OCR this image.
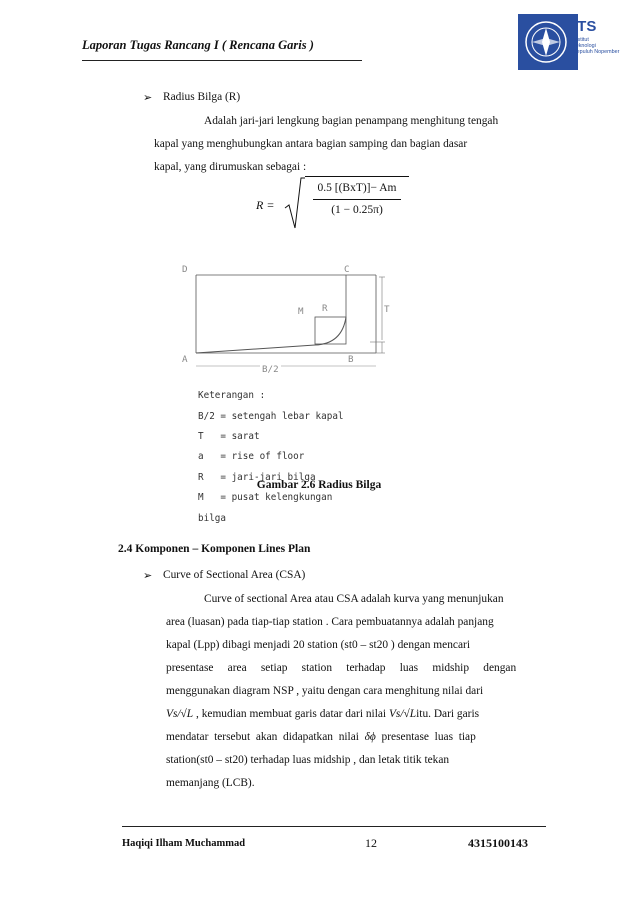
Laporan Tugas Rancang I ( Rencana Garis )
ITS
Institut
Teknologi
Sepuluh Nopember
➢ Radius Bilga (R)
Adalah jari-jari lengkung bagian penampang menghitung tengah
kapal yang menghubungkan antara bagian samping dan bagian dasar
kapal, yang dirumuskan sebagai :
R =
0.5 [(BxT)]− Am
(1 − 0.25π)
D	C
A	B
M R	T
B/2

Keterangan :

B/2 = setengah lebar kapal

T   = sarat

a   = rise of floor

R   = jari-jari bilga

M   = pusat kelengkungan

bilga

Gambar 2.6 Radius Bilga
2.4 Komponen – Komponen Lines Plan
➢ Curve of Sectional Area (CSA)
Curve of sectional Area atau CSA adalah kurva yang menunjukan
area (luasan) pada tiap-tiap station . Cara pembuatannya adalah panjang
kapal (Lpp) dibagi menjadi 20 station (st0 – st20 ) dengan mencari
presentase     area     setiap     station     terhadap     luas     midship     dengan
menggunakan diagram NSP , yaitu dengan cara menghitung nilai dari
Vs/√L , kemudian membuat garis datar dari nilai Vs/√Litu. Dari garis
mendatar  tersebut  akan  didapatkan  nilai  δϕ  presentase  luas  tiap
station(st0 – st20) terhadap luas midship , dan letak titik tekan
memanjang (LCB).
Haqiqi Ilham Muchammad	12	4315100143
